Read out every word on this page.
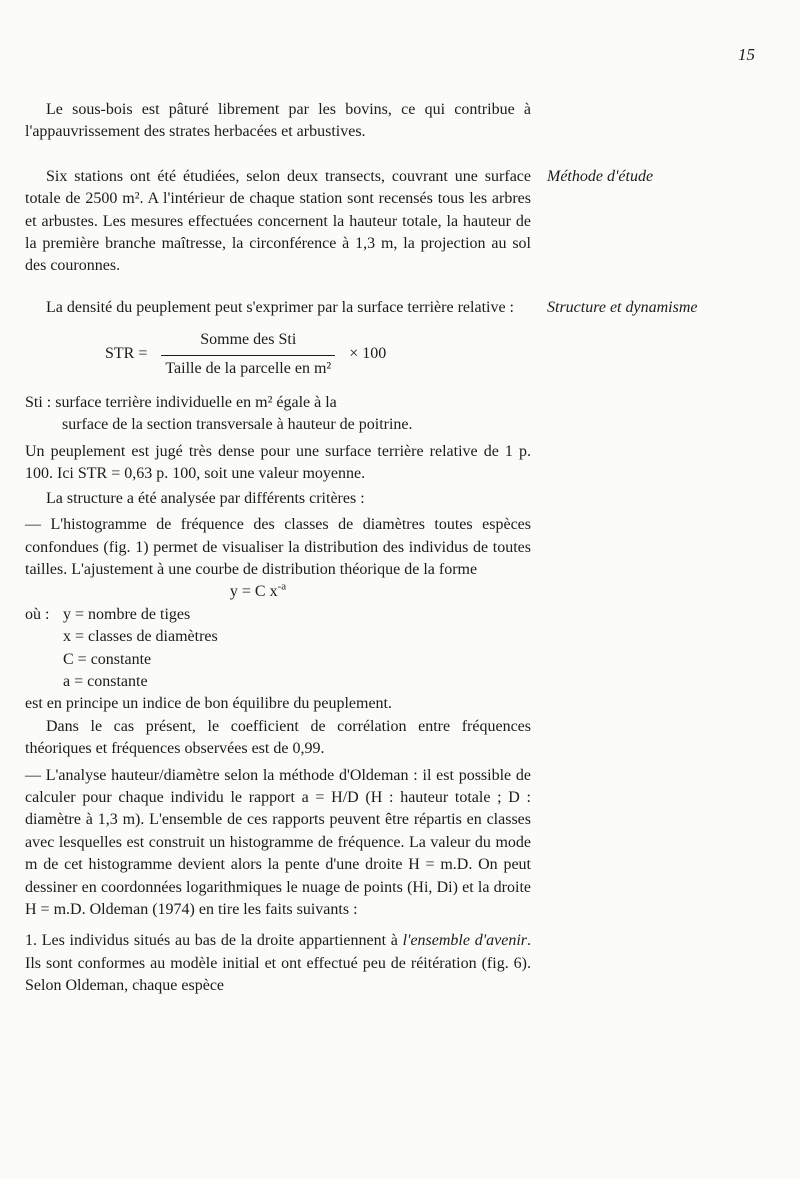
15

Le sous-bois est pâturé librement par les bovins, ce qui contribue à l'appauvrissement des strates herbacées et arbustives.

Six stations ont été étudiées, selon deux transects, couvrant une surface totale de 2500 m². A l'intérieur de chaque station sont recensés tous les arbres et arbustes. Les mesures effectuées concernent la hauteur totale, la hauteur de la première branche maîtresse, la circonférence à 1,3 m, la projection au sol des couronnes.

Méthode d'étude

La densité du peuplement peut s'exprimer par la surface terrière relative :	Structure et dynamisme
STR = $\frac{\text{Somme des Sti}}{\text{Taille de la parcelle en m²}} \times 100$
Sti : surface terrière individuelle en m² égale à la
surface de la section transversale à hauteur de poitrine.

Un peuplement est jugé très dense pour une surface terrière relative de 1 p. 100. Ici STR = 0,63 p. 100, soit une valeur moyenne.

La structure a été analysée par différents critères :

— L'histogramme de fréquence des classes de diamètres toutes espèces confondues (fig. 1) permet de visualiser la distribution des individus de toutes tailles. L'ajustement à une courbe de distribution théorique de la forme

y = C $x^{-a}$
où : y = nombre de tiges
x = classes de diamètres
C = constante
a = constante
est en principe un indice de bon équilibre du peuplement.

Dans le cas présent, le coefficient de corrélation entre fréquences théoriques et fréquences observées est de 0,99.

— L'analyse hauteur/diamètre selon la méthode d'Oldeman : il est possible de calculer pour chaque individu le rapport a = H/D (H : hauteur totale ; D : diamètre à 1,3 m). L'ensemble de ces rapports peuvent être répartis en classes avec lesquelles est construit un histogramme de fréquence. La valeur du mode m de cet histogramme devient alors la pente d'une droite H = m.D. On peut dessiner en coordonnées logarithmiques le nuage de points (Hi, Di) et la droite H = m.D. Oldeman (1974) en tire les faits suivants :

1. Les individus situés au bas de la droite appartiennent à l'ensemble d'avenir. Ils sont conformes au modèle initial et ont effectué peu de réitération (fig. 6). Selon Oldeman, chaque espèce
